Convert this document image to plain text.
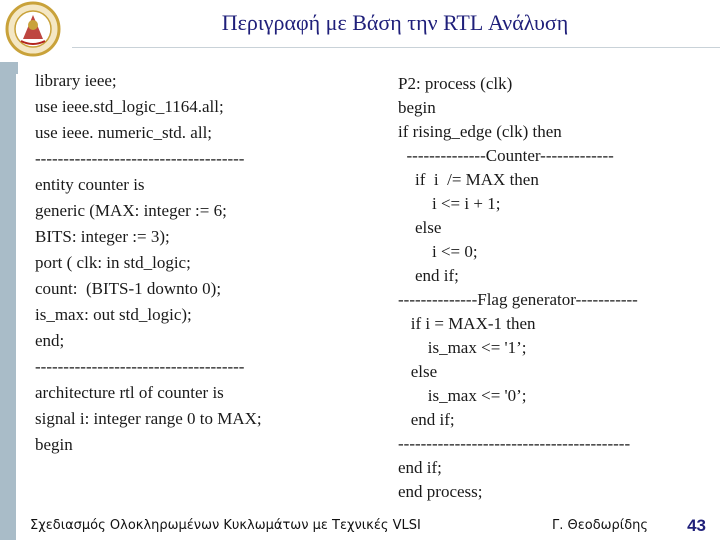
Περιγραφή με Βάση την RTL Ανάλυση
library ieee;
use ieee.std_logic_1164.all;
use ieee. numeric_std. all;
-------------------------------------
entity counter is
generic (MAX: integer := 6;
BITS: integer := 3);
port ( clk: in std_logic;
count:  (BITS-1 downto 0);
is_max: out std_logic);
end;
-------------------------------------
architecture rtl of counter is
signal i: integer range 0 to MAX;
begin
P2: process (clk)
begin
if rising_edge (clk) then
--------------Counter-------------
if  i  /= MAX then
i <= i + 1;
else
i <= 0;
end if;
--------------Flag generator-----------
if i = MAX-1 then
is_max <= '1’;
else
is_max <= '0’;
end if;
-----------------------------------------
end if;
end process;
Σχεδιασμός Ολοκληρωμένων Κυκλωμάτων με Τεχνικές VLSI	Γ. Θεοδωρίδης 43
